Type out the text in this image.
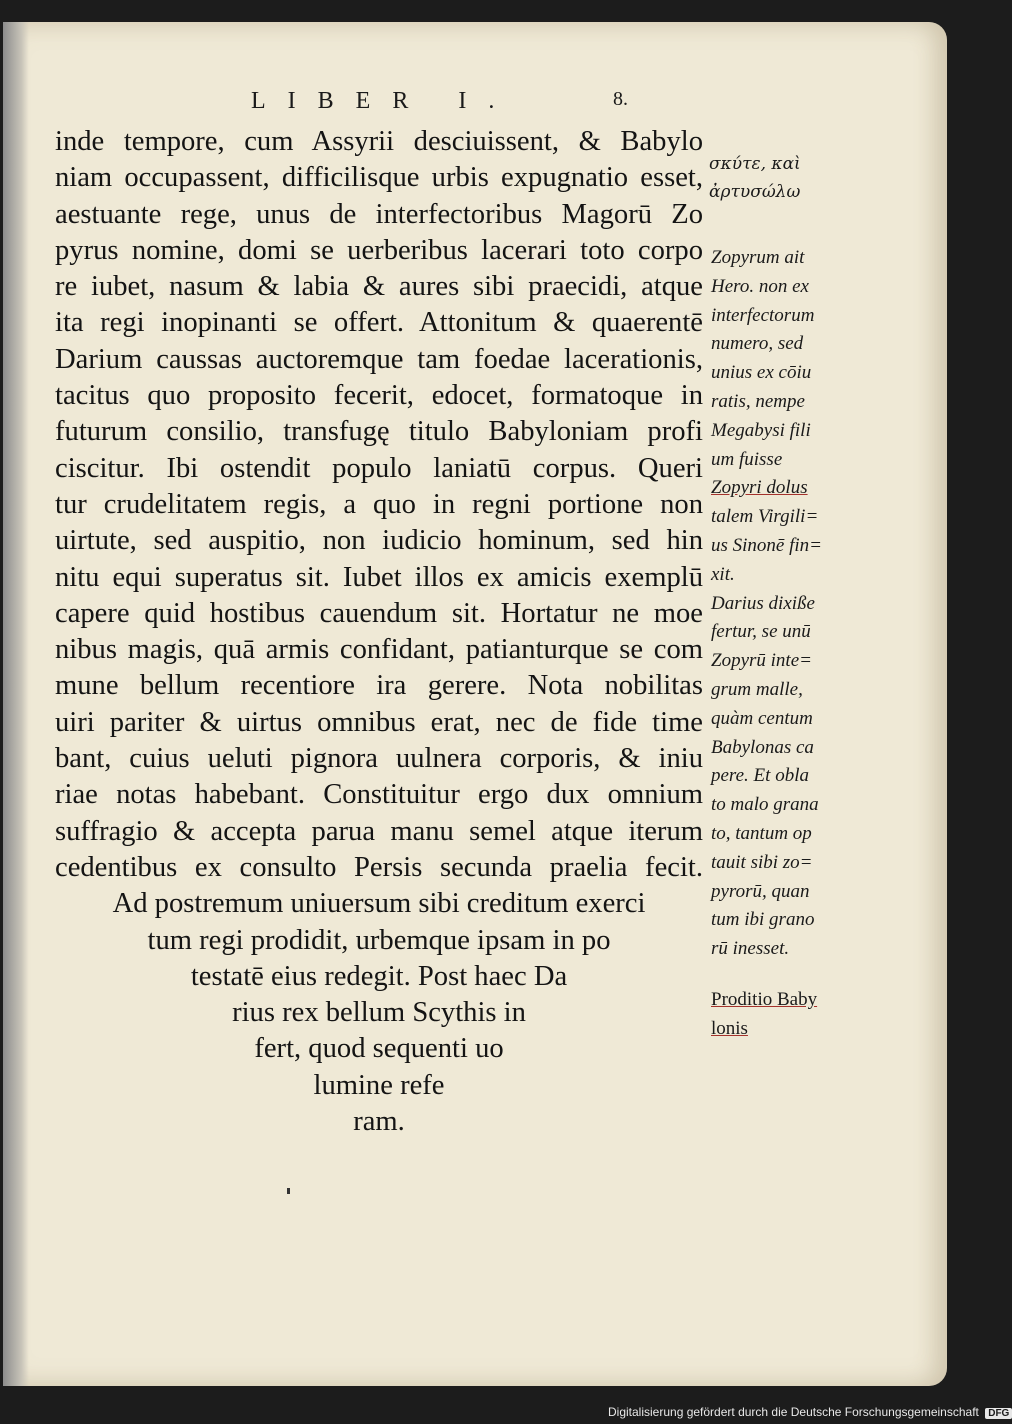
LIBER I.	8.
inde tempore, cum Assyrii desciuissent, & Babylo
niam occupassent, difficilisque urbis expugnatio esset,
aestuante rege, unus de interfectoribus Magorū Zo
pyrus nomine, domi se uerberibus lacerari toto corpo
re iubet, nasum & labia & aures sibi praecidi, atque
ita regi inopinanti se offert. Attonitum & quaerentē
Darium caussas auctoremque tam foedae lacerationis,
tacitus quo proposito fecerit, edocet, formatoque in
futurum consilio, transfugę titulo Babyloniam profi
ciscitur. Ibi ostendit populo laniatū corpus. Queri
tur crudelitatem regis, a quo in regni portione non
uirtute, sed auspitio, non iudicio hominum, sed hin
nitu equi superatus sit. Iubet illos ex amicis exemplū
capere quid hostibus cauendum sit. Hortatur ne moe
nibus magis, quā armis confidant, patianturque se com
mune bellum recentiore ira gerere. Nota nobilitas
uiri pariter & uirtus omnibus erat, nec de fide time
bant, cuius ueluti pignora uulnera corporis, & iniu
riae notas habebant. Constituitur ergo dux omnium
suffragio & accepta parua manu semel atque iterum
cedentibus ex consulto Persis secunda praelia fecit.
Ad postremum uniuersum sibi creditum exerci
tum regi prodidit, urbemque ipsam in po
testatē eius redegit. Post haec Da
rius rex bellum Scythis in
fert, quod sequenti uo
lumine refe
ram.
σκύτε, καὶ
ἀρτυσώλω
Zopyrum ait
Hero. non ex
interfectorum
numero, sed
unius ex cōiu
ratis, nempe
Megabysi fili
um fuisse
Zopyri dolus
talem Virgili=
us Sinonē fin=
xit.
Darius dixiße
fertur, se unū
Zopyrū inte=
grum malle,
quàm centum
Babylonas ca
pere. Et obla
to malo grana
to, tantum op
tauit sibi zo=
pyrorū, quan
tum ibi grano
rū inesset.
Proditio Baby
lonis
Digitalisierung gefördert durch die Deutsche Forschungsgemeinschaft DFG
